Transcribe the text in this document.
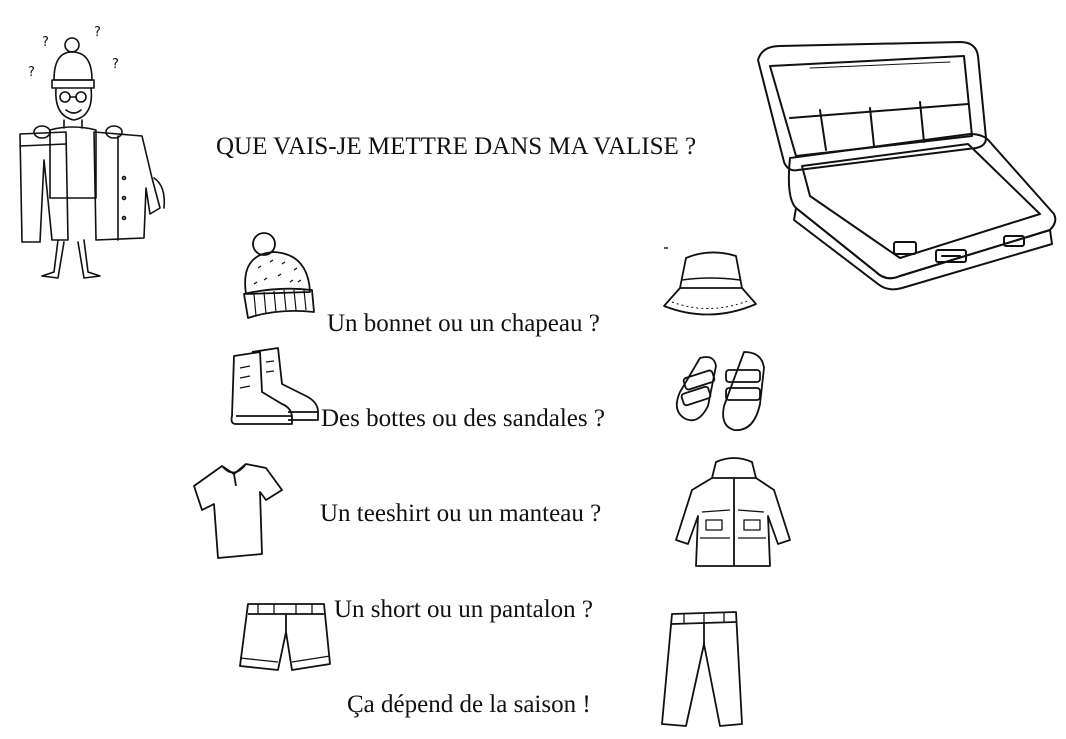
?
?
?
?
QUE VAIS-JE METTRE DANS MA VALISE ?
Un bonnet ou un chapeau ?
Des bottes ou des sandales ?
Un teeshirt ou un manteau ?
Un short ou un pantalon ?
Ça dépend de la saison !
